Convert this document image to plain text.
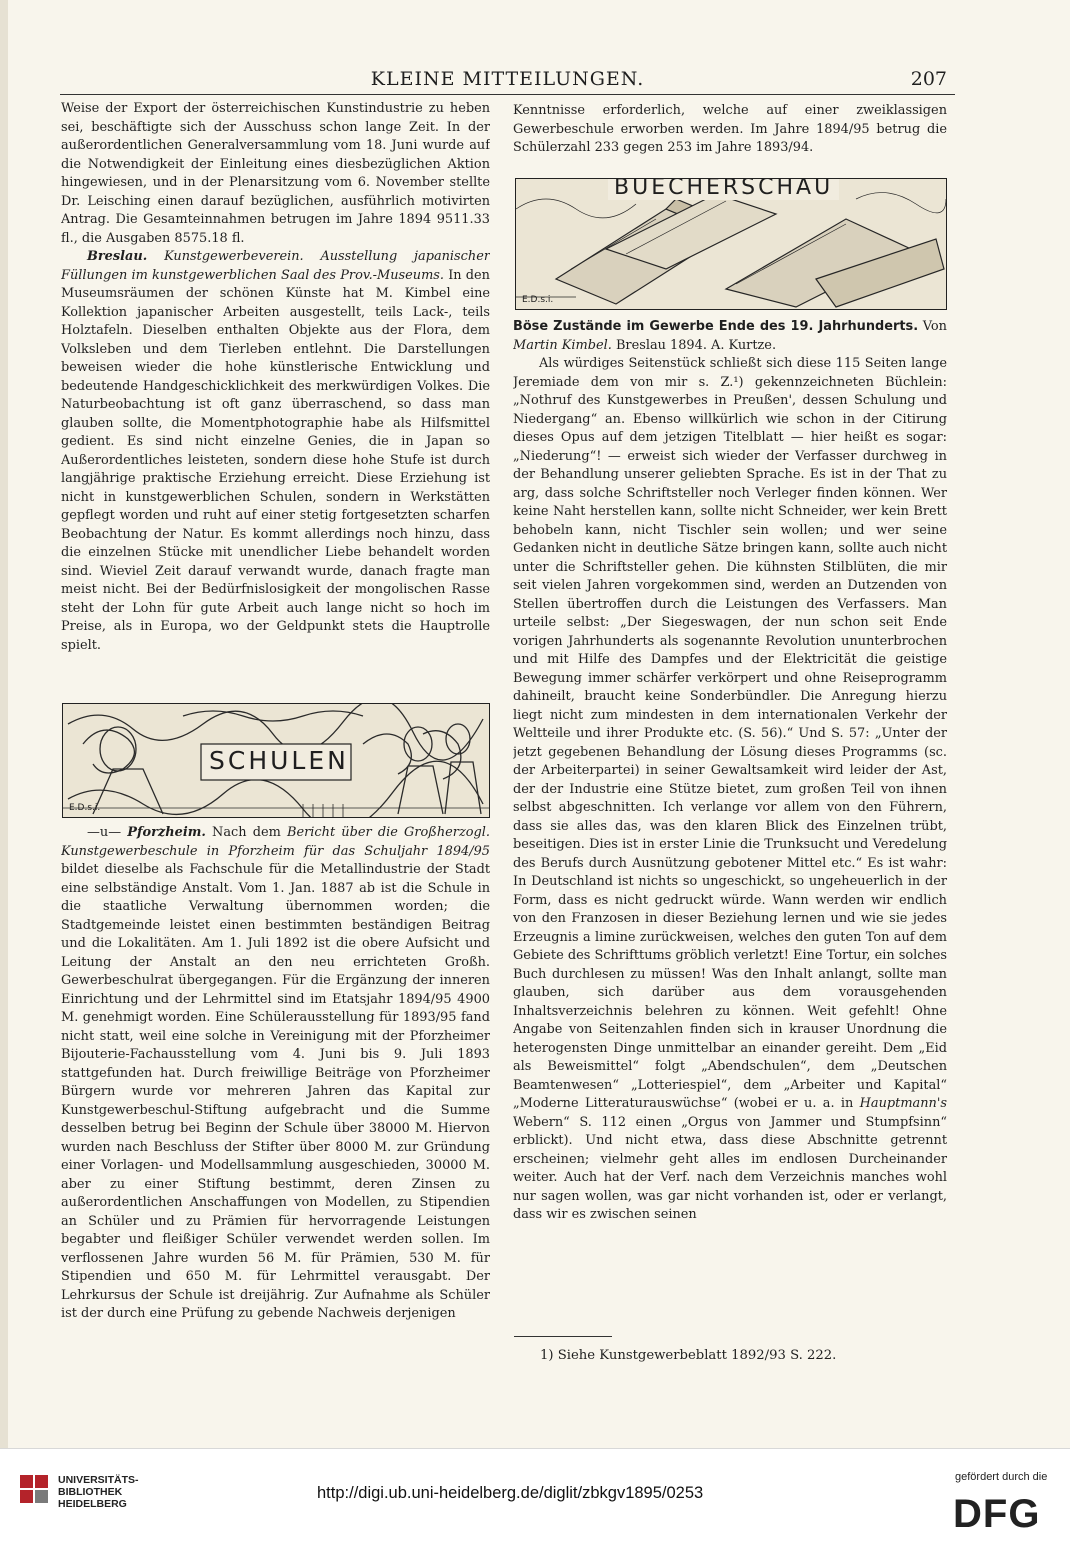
KLEINE MITTEILUNGEN.	207

Weise der Export der österreichischen Kunstindustrie zu heben sei, beschäftigte sich der Ausschuss schon lange Zeit. In der außerordentlichen Generalversammlung vom 18. Juni wurde auf die Notwendigkeit der Einleitung eines diesbezüglichen Aktion hingewiesen, und in der Plenarsitzung vom 6. November stellte Dr. Leisching einen darauf bezüglichen, ausführlich motivirten Antrag. Die Gesamteinnahmen betrugen im Jahre 1894 9511.33 fl., die Ausgaben 8575.18 fl.

Breslau. Kunstgewerbeverein. Ausstellung japanischer Füllungen im kunstgewerblichen Saal des Prov.-Museums. In den Museumsräumen der schönen Künste hat M. Kimbel eine Kollektion japanischer Arbeiten ausgestellt, teils Lack-, teils Holztafeln. Dieselben enthalten Objekte aus der Flora, dem Volksleben und dem Tierleben entlehnt. Die Darstellungen beweisen wieder die hohe künstlerische Entwicklung und bedeutende Handgeschicklichkeit des merkwürdigen Volkes. Die Naturbeobachtung ist oft ganz überraschend, so dass man glauben sollte, die Momentphotographie habe als Hilfsmittel gedient. Es sind nicht einzelne Genies, die in Japan so Außerordentliches leisteten, sondern diese hohe Stufe ist durch langjährige praktische Erziehung erreicht. Diese Erziehung ist nicht in kunstgewerblichen Schulen, sondern in Werkstätten gepflegt worden und ruht auf einer stetig fortgesetzten scharfen Beobachtung der Natur. Es kommt allerdings noch hinzu, dass die einzelnen Stücke mit unendlicher Liebe behandelt worden sind. Wieviel Zeit darauf verwandt wurde, danach fragte man meist nicht. Bei der Bedürfnislosigkeit der mongolischen Rasse steht der Lohn für gute Arbeit auch lange nicht so hoch im Preise, als in Europa, wo der Geldpunkt stets die Hauptrolle spielt.

SCHULEN
E.D.s.i.

—u— Pforzheim. Nach dem Bericht über die Großherzogl. Kunstgewerbeschule in Pforzheim für das Schuljahr 1894/95 bildet dieselbe als Fachschule für die Metallindustrie der Stadt eine selbständige Anstalt. Vom 1. Jan. 1887 ab ist die Schule in die staatliche Verwaltung übernommen worden; die Stadtgemeinde leistet einen bestimmten beständigen Beitrag und die Lokalitäten. Am 1. Juli 1892 ist die obere Aufsicht und Leitung der Anstalt an den neu errichteten Großh. Gewerbeschulrat übergegangen. Für die Ergänzung der inneren Einrichtung und der Lehrmittel sind im Etatsjahr 1894/95 4900 M. genehmigt worden. Eine Schülerausstellung für 1893/95 fand nicht statt, weil eine solche in Vereinigung mit der Pforzheimer Bijouterie-Fachausstellung vom 4. Juni bis 9. Juli 1893 stattgefunden hat. Durch freiwillige Beiträge von Pforzheimer Bürgern wurde vor mehreren Jahren das Kapital zur Kunstgewerbeschul-Stiftung aufgebracht und die Summe desselben betrug bei Beginn der Schule über 38000 M. Hiervon wurden nach Beschluss der Stifter über 8000 M. zur Gründung einer Vorlagen- und Modellsammlung ausgeschieden, 30000 M. aber zu einer Stiftung bestimmt, deren Zinsen zu außerordentlichen Anschaffungen von Modellen, zu Stipendien an Schüler und zu Prämien für hervorragende Leistungen begabter und fleißiger Schüler verwendet werden sollen. Im verflossenen Jahre wurden 56 M. für Prämien, 530 M. für Stipendien und 650 M. für Lehrmittel verausgabt. Der Lehrkursus der Schule ist dreijährig. Zur Aufnahme als Schüler ist der durch eine Prüfung zu gebende Nachweis derjenigen

Kenntnisse erforderlich, welche auf einer zweiklassigen Gewerbeschule erworben werden. Im Jahre 1894/95 betrug die Schülerzahl 233 gegen 253 im Jahre 1893/94.

BUECHERSCHAU
E.D.s.i.

Böse Zustände im Gewerbe Ende des 19. Jahrhunderts. Von Martin Kimbel. Breslau 1894. A. Kurtze.

Als würdiges Seitenstück schließt sich diese 115 Seiten lange Jeremiade dem von mir s. Z.¹) gekennzeichneten Büchlein: „Nothruf des Kunstgewerbes in Preußen', dessen Schulung und Niedergang“ an. Ebenso willkürlich wie schon in der Citirung dieses Opus auf dem jetzigen Titelblatt — hier heißt es sogar: „Niederung“! — erweist sich wieder der Verfasser durchweg in der Behandlung unserer geliebten Sprache. Es ist in der That zu arg, dass solche Schriftsteller noch Verleger finden können. Wer keine Naht herstellen kann, sollte nicht Schneider, wer kein Brett behobeln kann, nicht Tischler sein wollen; und wer seine Gedanken nicht in deutliche Sätze bringen kann, sollte auch nicht unter die Schriftsteller gehen. Die kühnsten Stilblüten, die mir seit vielen Jahren vorgekommen sind, werden an Dutzenden von Stellen übertroffen durch die Leistungen des Verfassers. Man urteile selbst: „Der Siegeswagen, der nun schon seit Ende vorigen Jahrhunderts als sogenannte Revolution ununterbrochen und mit Hilfe des Dampfes und der Elektricität die geistige Bewegung immer schärfer verkörpert und ohne Reiseprogramm dahineilt, braucht keine Sonderbündler. Die Anregung hierzu liegt nicht zum mindesten in dem internationalen Verkehr der Weltteile und ihrer Produkte etc. (S. 56).“ Und S. 57: „Unter der jetzt gegebenen Behandlung der Lösung dieses Programms (sc. der Arbeiterpartei) in seiner Gewaltsamkeit wird leider der Ast, der der Industrie eine Stütze bietet, zum großen Teil von ihnen selbst abgeschnitten. Ich verlange vor allem von den Führern, dass sie alles das, was den klaren Blick des Einzelnen trübt, beseitigen. Dies ist in erster Linie die Trunksucht und Veredelung des Berufs durch Ausnützung gebotener Mittel etc.“ Es ist wahr: In Deutschland ist nichts so ungeschickt, so ungeheuerlich in der Form, dass es nicht gedruckt würde. Wann werden wir endlich von den Franzosen in dieser Beziehung lernen und wie sie jedes Erzeugnis a limine zurückweisen, welches den guten Ton auf dem Gebiete des Schrifttums gröblich verletzt! Eine Tortur, ein solches Buch durchlesen zu müssen! Was den Inhalt anlangt, sollte man glauben, sich darüber aus dem vorausgehenden Inhaltsverzeichnis belehren zu können. Weit gefehlt! Ohne Angabe von Seitenzahlen finden sich in krauser Unordnung die heterogensten Dinge unmittelbar an einander gereiht. Dem „Eid als Beweismittel“ folgt „Abendschulen“, dem „Deutschen Beamtenwesen“ „Lotteriespiel“, dem „Arbeiter und Kapital“ „Moderne Litteraturauswüchse“ (wobei er u. a. in Hauptmann's Webern“ S. 112 einen „Orgus von Jammer und Stumpfsinn“ erblickt). Und nicht etwa, dass diese Abschnitte getrennt erscheinen; vielmehr geht alles im endlosen Durcheinander weiter. Auch hat der Verf. nach dem Verzeichnis manches wohl nur sagen wollen, was gar nicht vorhanden ist, oder er verlangt, dass wir es zwischen seinen

1) Siehe Kunstgewerbeblatt 1892/93 S. 222.
UNIVERSITÄTS-
BIBLIOTHEK
HEIDELBERG
http://digi.ub.uni-heidelberg.de/diglit/zbkgv1895/0253
gefördert durch die
DFG
